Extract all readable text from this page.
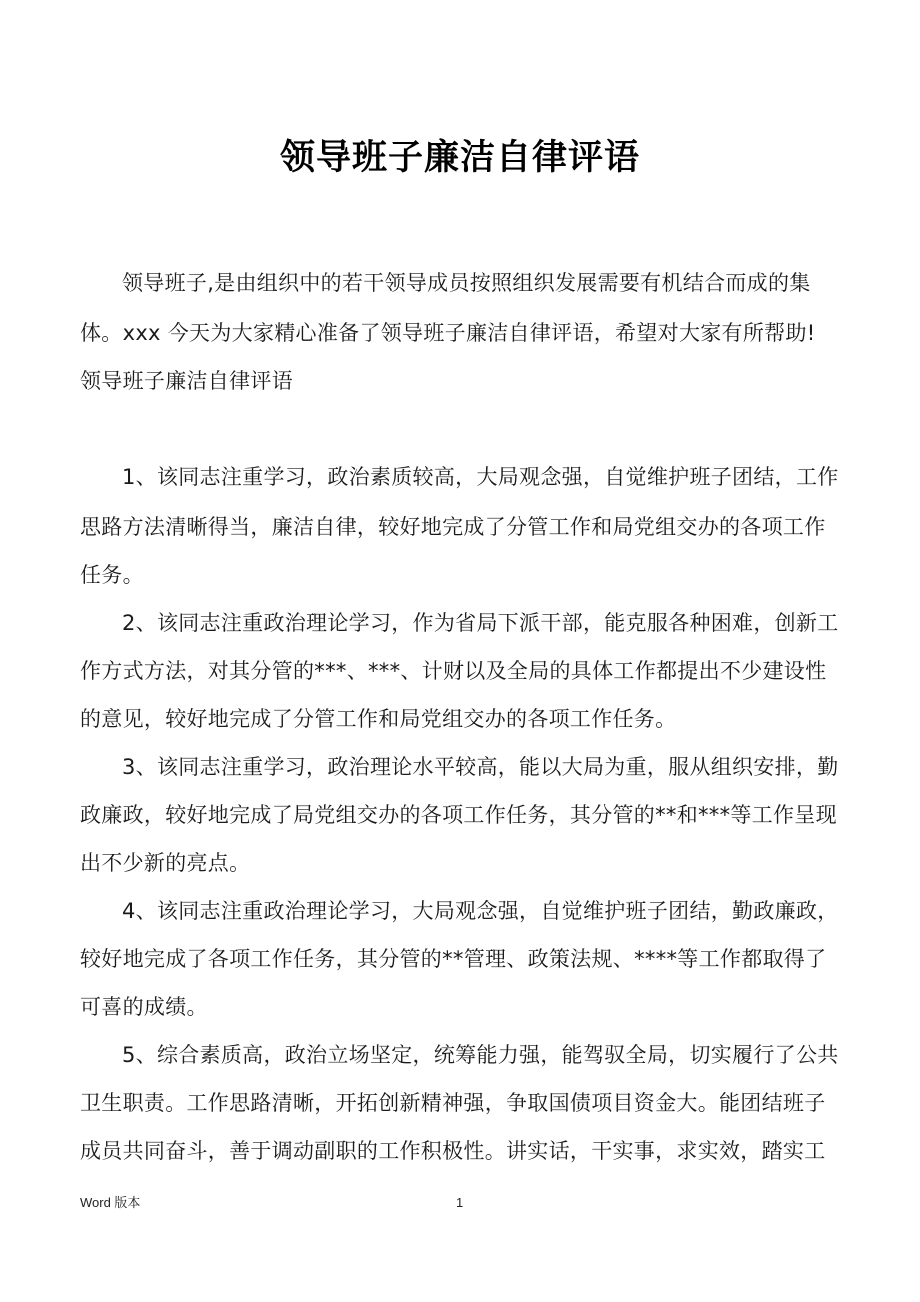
领导班子廉洁自律评语
领导班子,是由组织中的若干领导成员按照组织发展需要有机结合而成的集
体。xxx 今天为大家精心准备了领导班子廉洁自律评语，希望对大家有所帮助!
领导班子廉洁自律评语
1、该同志注重学习，政治素质较高，大局观念强，自觉维护班子团结，工作
思路方法清晰得当，廉洁自律，较好地完成了分管工作和局党组交办的各项工作
任务。
2、该同志注重政治理论学习，作为省局下派干部，能克服各种困难，创新工
作方式方法，对其分管的***、***、计财以及全局的具体工作都提出不少建设性
的意见，较好地完成了分管工作和局党组交办的各项工作任务。
3、该同志注重学习，政治理论水平较高，能以大局为重，服从组织安排，勤
政廉政，较好地完成了局党组交办的各项工作任务，其分管的**和***等工作呈现
出不少新的亮点。
4、该同志注重政治理论学习，大局观念强，自觉维护班子团结，勤政廉政，
较好地完成了各项工作任务，其分管的**管理、政策法规、****等工作都取得了
可喜的成绩。
5、综合素质高，政治立场坚定，统筹能力强，能驾驭全局，切实履行了公共
卫生职责。工作思路清晰，开拓创新精神强，争取国债项目资金大。能团结班子
成员共同奋斗，善于调动副职的工作积极性。讲实话，干实事，求实效，踏实工
Word 版本	1
